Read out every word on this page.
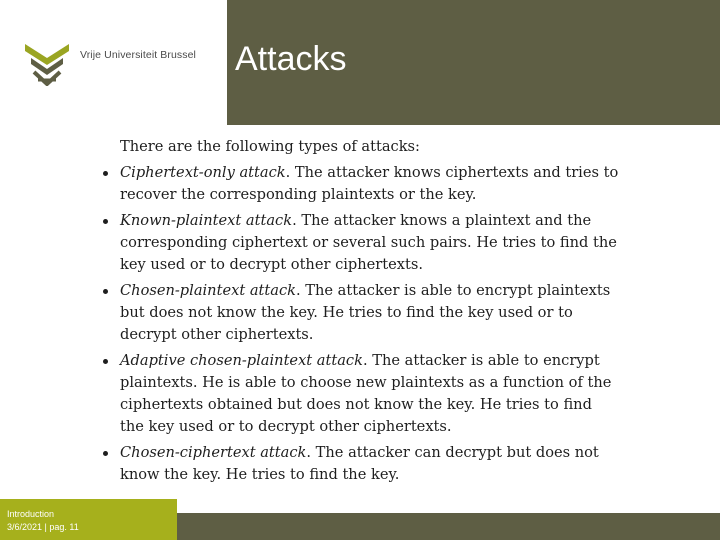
Vrije Universiteit Brussel Attacks

There are the following types of attacks:

Ciphertext-only attack. The attacker knows ciphertexts and tries to recover the corresponding plaintexts or the key.
Known-plaintext attack. The attacker knows a plaintext and the corresponding ciphertext or several such pairs. He tries to find the key used or to decrypt other ciphertexts.
Chosen-plaintext attack. The attacker is able to encrypt plaintexts but does not know the key. He tries to find the key used or to decrypt other ciphertexts.
Adaptive chosen-plaintext attack. The attacker is able to encrypt plaintexts. He is able to choose new plaintexts as a function of the ciphertexts obtained but does not know the key. He tries to find the key used or to decrypt other ciphertexts.
Chosen-ciphertext attack. The attacker can decrypt but does not know the key. He tries to find the key.
Introduction
3/6/2021 | pag. 11
